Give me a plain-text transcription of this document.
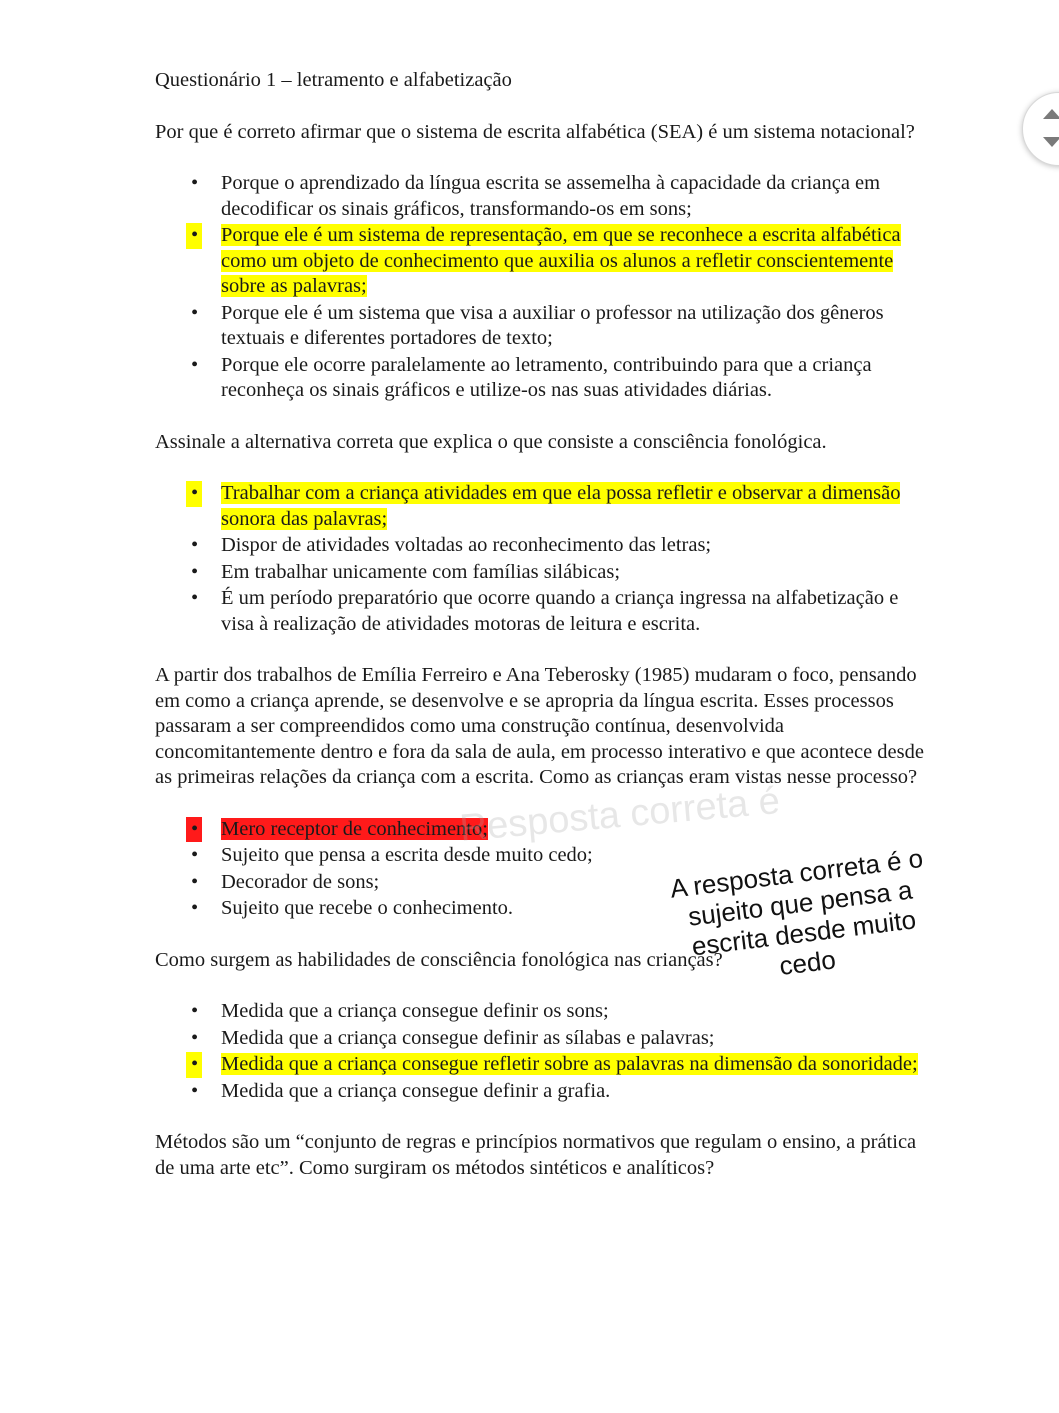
Questionário 1 – letramento e alfabetização

Por que é correto afirmar que o sistema de escrita alfabética (SEA) é um sistema notacional?

• Porque o aprendizado da língua escrita se assemelha à capacidade da criança em decodificar os sinais gráficos, transformando-os em sons;
• Porque ele é um sistema de representação, em que se reconhece a escrita alfabética como um objeto de conhecimento que auxilia os alunos a refletir conscientemente sobre as palavras;
• Porque ele é um sistema que visa a auxiliar o professor na utilização dos gêneros textuais e diferentes portadores de texto;
• Porque ele ocorre paralelamente ao letramento, contribuindo para que a criança reconheça os sinais gráficos e utilize-os nas suas atividades diárias.

Assinale a alternativa correta que explica o que consiste a consciência fonológica.

• Trabalhar com a criança atividades em que ela possa refletir e observar a dimensão sonora das palavras;
• Dispor de atividades voltadas ao reconhecimento das letras;
• Em trabalhar unicamente com famílias silábicas;
• É um período preparatório que ocorre quando a criança ingressa na alfabetização e visa à realização de atividades motoras de leitura e escrita.

A partir dos trabalhos de Emília Ferreiro e Ana Teberosky (1985) mudaram o foco, pensando em como a criança aprende, se desenvolve e se apropria da língua escrita. Esses processos passaram a ser compreendidos como uma construção contínua, desenvolvida concomitantemente dentro e fora da sala de aula, em processo interativo e que acontece desde as primeiras relações da criança com a escrita. Como as crianças eram vistas nesse processo?

• Mero receptor de conhecimento;
• Sujeito que pensa a escrita desde muito cedo;
• Decorador de sons;
• Sujeito que recebe o conhecimento.

Como surgem as habilidades de consciência fonológica nas crianças?

• Medida que a criança consegue definir os sons;
• Medida que a criança consegue definir as sílabas e palavras;
• Medida que a criança consegue refletir sobre as palavras na dimensão da sonoridade;
• Medida que a criança consegue definir a grafia.

Métodos são um “conjunto de regras e princípios normativos que regulam o ensino, a prática de uma arte etc”. Como surgiram os métodos sintéticos e analíticos?

Resposta correta é
A resposta correta é o sujeito que pensa a escrita desde muito cedo
